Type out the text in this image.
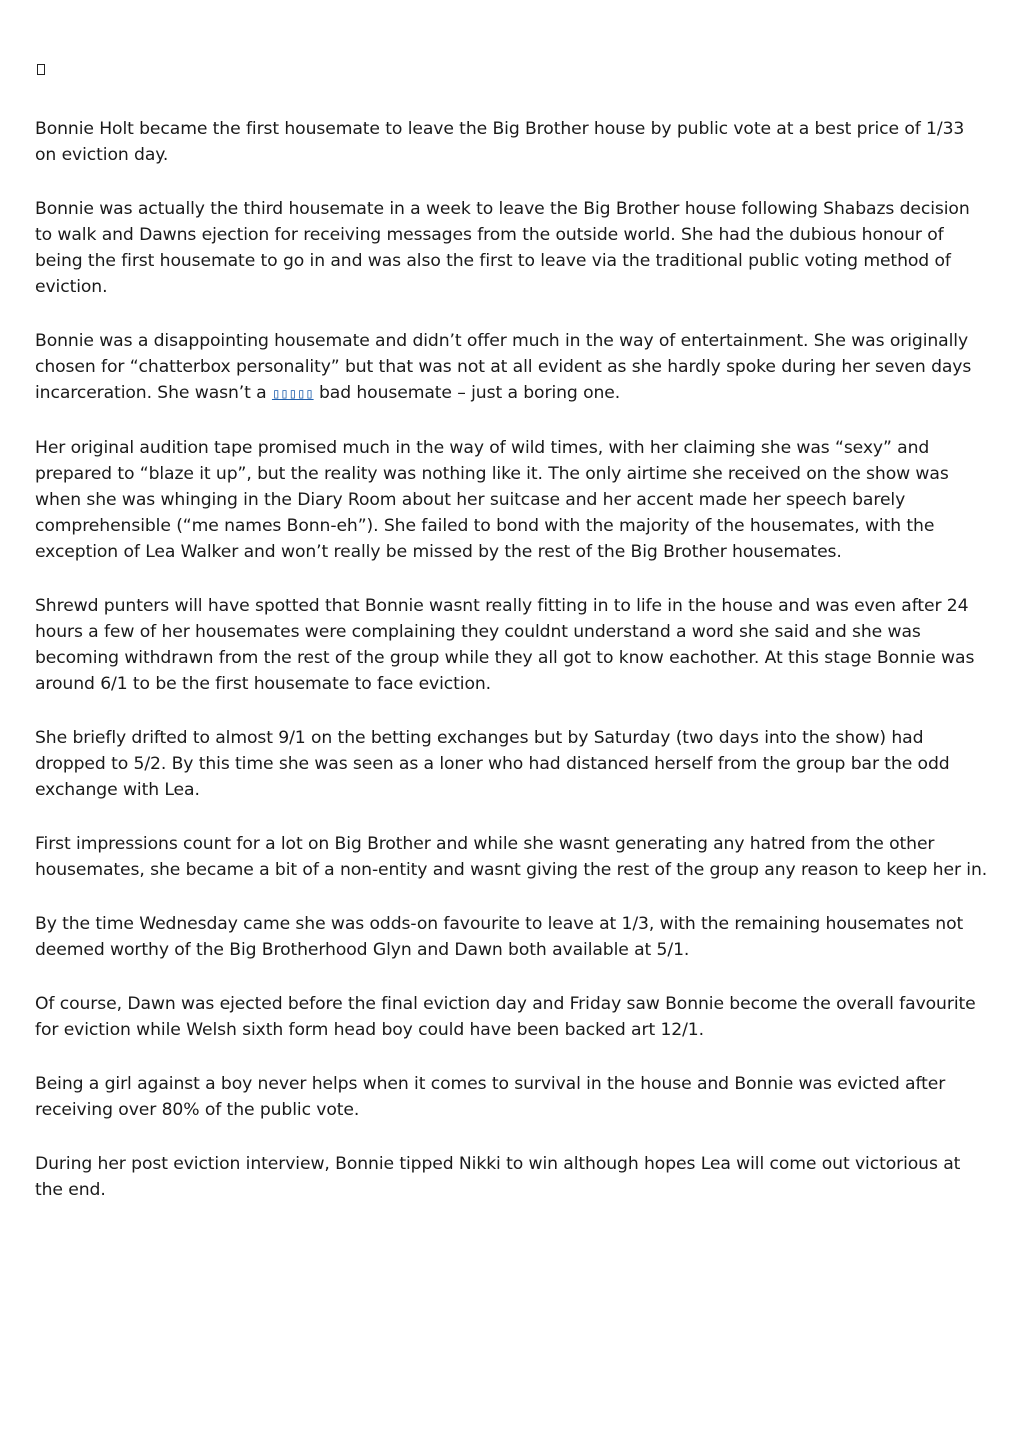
Bonnie Holt became the first housemate to leave the Big Brother house by public vote at a best price of 1/33 on eviction day.

Bonnie was actually the third housemate in a week to leave the Big Brother house following Shabazs decision to walk and Dawns ejection for receiving messages from the outside world. She had the dubious honour of being the first housemate to go in and was also the first to leave via the traditional public voting method of eviction.

Bonnie was a disappointing housemate and didn’t offer much in the way of entertainment. She was originally chosen for “chatterbox personality” but that was not at all evident as she hardly spoke during her seven days incarceration. She wasn’t a ▯▯▯▯▯ bad housemate – just a boring one.

Her original audition tape promised much in the way of wild times, with her claiming she was “sexy” and prepared to “blaze it up”, but the reality was nothing like it. The only airtime she received on the show was when she was whinging in the Diary Room about her suitcase and her accent made her speech barely comprehensible (“me names Bonn-eh”). She failed to bond with the majority of the housemates, with the exception of Lea Walker and won’t really be missed by the rest of the Big Brother housemates.

Shrewd punters will have spotted that Bonnie wasnt really fitting in to life in the house and was even after 24 hours a few of her housemates were complaining they couldnt understand a word she said and she was becoming withdrawn from the rest of the group while they all got to know eachother. At this stage Bonnie was around 6/1 to be the first housemate to face eviction.

She briefly drifted to almost 9/1 on the betting exchanges but by Saturday (two days into the show) had dropped to 5/2. By this time she was seen as a loner who had distanced herself from the group bar the odd exchange with Lea.

First impressions count for a lot on Big Brother and while she wasnt generating any hatred from the other housemates, she became a bit of a non-entity and wasnt giving the rest of the group any reason to keep her in.

By the time Wednesday came she was odds-on favourite to leave at 1/3, with the remaining housemates not deemed worthy of the Big Brotherhood Glyn and Dawn both available at 5/1.

Of course, Dawn was ejected before the final eviction day and Friday saw Bonnie become the overall favourite for eviction while Welsh sixth form head boy could have been backed art 12/1.

Being a girl against a boy never helps when it comes to survival in the house and Bonnie was evicted after receiving over 80% of the public vote.

During her post eviction interview, Bonnie tipped Nikki to win although hopes Lea will come out victorious at the end.
